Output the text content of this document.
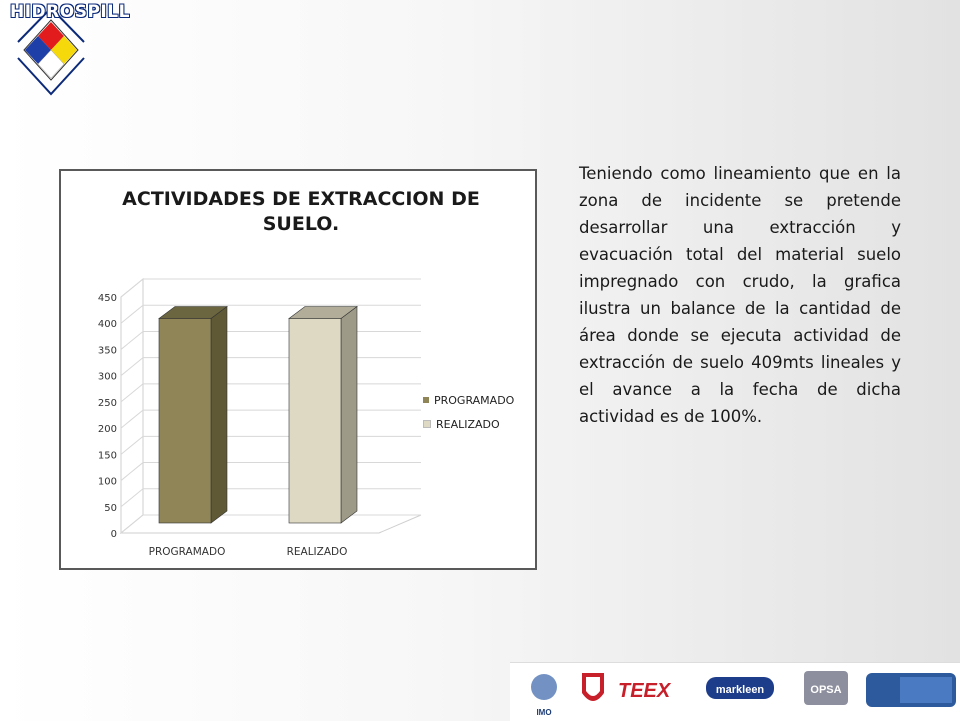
HIDROSPILL
ACTIVIDADES DE EXTRACCION DE SUELO.
0
50
100
150
200
250
300
350
400
450
PROGRAMADO	REALIZADO
PROGRAMADO
REALIZADO
Teniendo como lineamiento que en la zona de incidente se pretende desarrollar una extracción y evacuación total del material suelo impregnado con crudo, la grafica ilustra un balance de la cantidad de área donde se ejecuta actividad de extracción de suelo 409mts lineales y el avance a la fecha de dicha actividad es de 100%.
IMO
TEEX	markleen	OPSA
